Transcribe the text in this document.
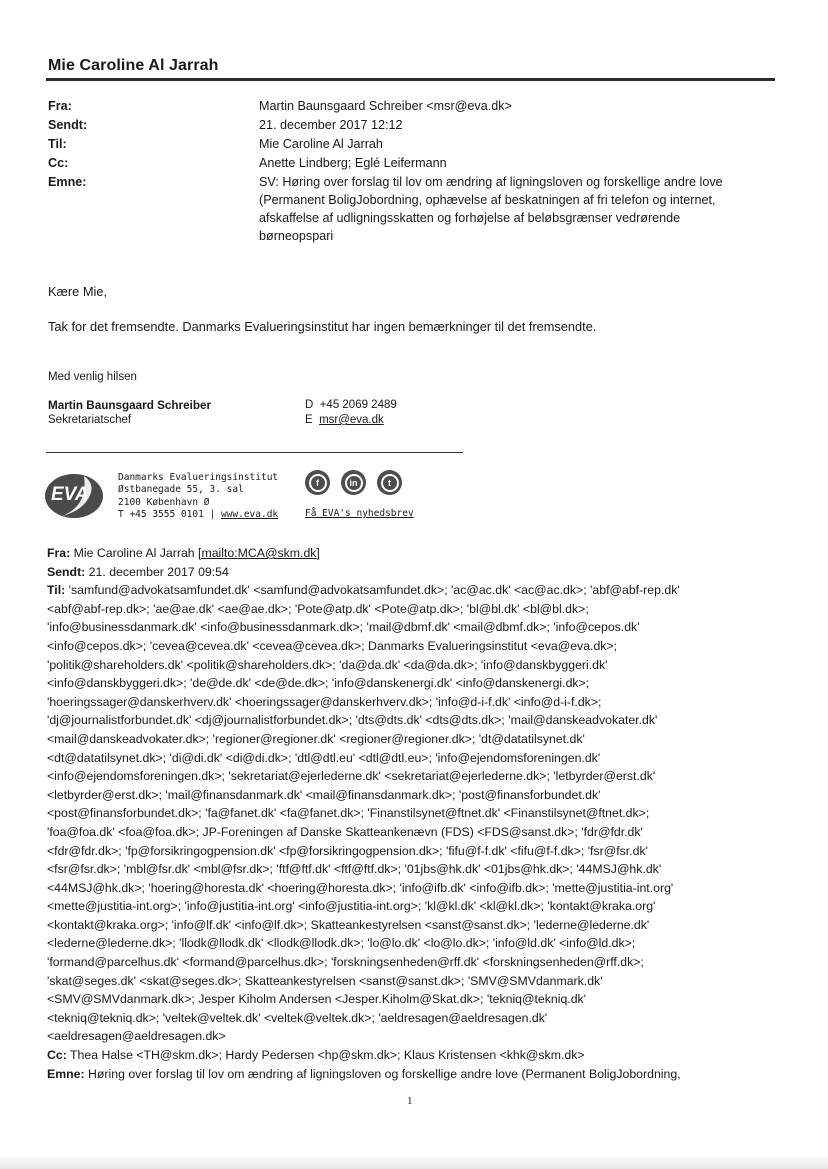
Mie Caroline Al Jarrah
Fra:	Martin Baunsgaard Schreiber <msr@eva.dk>
Sendt:	21. december 2017 12:12
Til:	Mie Caroline Al Jarrah
Cc:	Anette Lindberg; Eglé Leifermann
Emne:	SV: Høring over forslag til lov om ændring af ligningsloven og forskellige andre love
(Permanent BoligJobordning, ophævelse af beskatningen af fri telefon og internet,
afskaffelse af udligningsskatten og forhøjelse af beløbsgrænser vedrørende
børneopspari
Kære Mie,
Tak for det fremsendte. Danmarks Evalueringsinstitut har ingen bemærkninger til det fremsendte.
Med venlig hilsen
Martin Baunsgaard Schreiber
Sekretariatschef
D +45 2069 2489
E msr@eva.dk
EVA
Danmarks Evalueringsinstitut
Østbanegade 55, 3. sal
2100 København Ø
T +45 3555 0101 | www.eva.dk
f	in	t
Få EVA's nyhedsbrev
Fra: Mie Caroline Al Jarrah [mailto:MCA@skm.dk]
Sendt: 21. december 2017 09:54
Til: 'samfund@advokatsamfundet.dk' <samfund@advokatsamfundet.dk>; 'ac@ac.dk' <ac@ac.dk>; 'abf@abf-rep.dk'
<abf@abf-rep.dk>; 'ae@ae.dk' <ae@ae.dk>; 'Pote@atp.dk' <Pote@atp.dk>; 'bl@bl.dk' <bl@bl.dk>;
'info@businessdanmark.dk' <info@businessdanmark.dk>; 'mail@dbmf.dk' <mail@dbmf.dk>; 'info@cepos.dk'
<info@cepos.dk>; 'cevea@cevea.dk' <cevea@cevea.dk>; Danmarks Evalueringsinstitut <eva@eva.dk>;
'politik@shareholders.dk' <politik@shareholders.dk>; 'da@da.dk' <da@da.dk>; 'info@danskbyggeri.dk'
<info@danskbyggeri.dk>; 'de@de.dk' <de@de.dk>; 'info@danskenergi.dk' <info@danskenergi.dk>;
'hoeringssager@danskerhverv.dk' <hoeringssager@danskerhverv.dk>; 'info@d-i-f.dk' <info@d-i-f.dk>;
'dj@journalistforbundet.dk' <dj@journalistforbundet.dk>; 'dts@dts.dk' <dts@dts.dk>; 'mail@danskeadvokater.dk'
<mail@danskeadvokater.dk>; 'regioner@regioner.dk' <regioner@regioner.dk>; 'dt@datatilsynet.dk'
<dt@datatilsynet.dk>; 'di@di.dk' <di@di.dk>; 'dtl@dtl.eu' <dtl@dtl.eu>; 'info@ejendomsforeningen.dk'
<info@ejendomsforeningen.dk>; 'sekretariat@ejerlederne.dk' <sekretariat@ejerlederne.dk>; 'letbyrder@erst.dk'
<letbyrder@erst.dk>; 'mail@finansdanmark.dk' <mail@finansdanmark.dk>; 'post@finansforbundet.dk'
<post@finansforbundet.dk>; 'fa@fanet.dk' <fa@fanet.dk>; 'Finanstilsynet@ftnet.dk' <Finanstilsynet@ftnet.dk>;
'foa@foa.dk' <foa@foa.dk>; JP-Foreningen af Danske Skatteankenævn (FDS) <FDS@sanst.dk>; 'fdr@fdr.dk'
<fdr@fdr.dk>; 'fp@forsikringogpension.dk' <fp@forsikringogpension.dk>; 'fifu@f-f.dk' <fifu@f-f.dk>; 'fsr@fsr.dk'
<fsr@fsr.dk>; 'mbl@fsr.dk' <mbl@fsr.dk>; 'ftf@ftf.dk' <ftf@ftf.dk>; '01jbs@hk.dk' <01jbs@hk.dk>; '44MSJ@hk.dk'
<44MSJ@hk.dk>; 'hoering@horesta.dk' <hoering@horesta.dk>; 'info@ifb.dk' <info@ifb.dk>; 'mette@justitia-int.org'
<mette@justitia-int.org>; 'info@justitia-int.org' <info@justitia-int.org>; 'kl@kl.dk' <kl@kl.dk>; 'kontakt@kraka.org'
<kontakt@kraka.org>; 'info@lf.dk' <info@lf.dk>; Skatteankestyrelsen <sanst@sanst.dk>; 'lederne@lederne.dk'
<lederne@lederne.dk>; 'llodk@llodk.dk' <llodk@llodk.dk>; 'lo@lo.dk' <lo@lo.dk>; 'info@ld.dk' <info@ld.dk>;
'formand@parcelhus.dk' <formand@parcelhus.dk>; 'forskningsenheden@rff.dk' <forskningsenheden@rff.dk>;
'skat@seges.dk' <skat@seges.dk>; Skatteankestyrelsen <sanst@sanst.dk>; 'SMV@SMVdanmark.dk'
<SMV@SMVdanmark.dk>; Jesper Kiholm Andersen <Jesper.Kiholm@Skat.dk>; 'tekniq@tekniq.dk'
<tekniq@tekniq.dk>; 'veltek@veltek.dk' <veltek@veltek.dk>; 'aeldresagen@aeldresagen.dk'
<aeldresagen@aeldresagen.dk>
Cc: Thea Halse <TH@skm.dk>; Hardy Pedersen <hp@skm.dk>; Klaus Kristensen <khk@skm.dk>
Emne: Høring over forslag til lov om ændring af ligningsloven og forskellige andre love (Permanent BoligJobordning,
1
